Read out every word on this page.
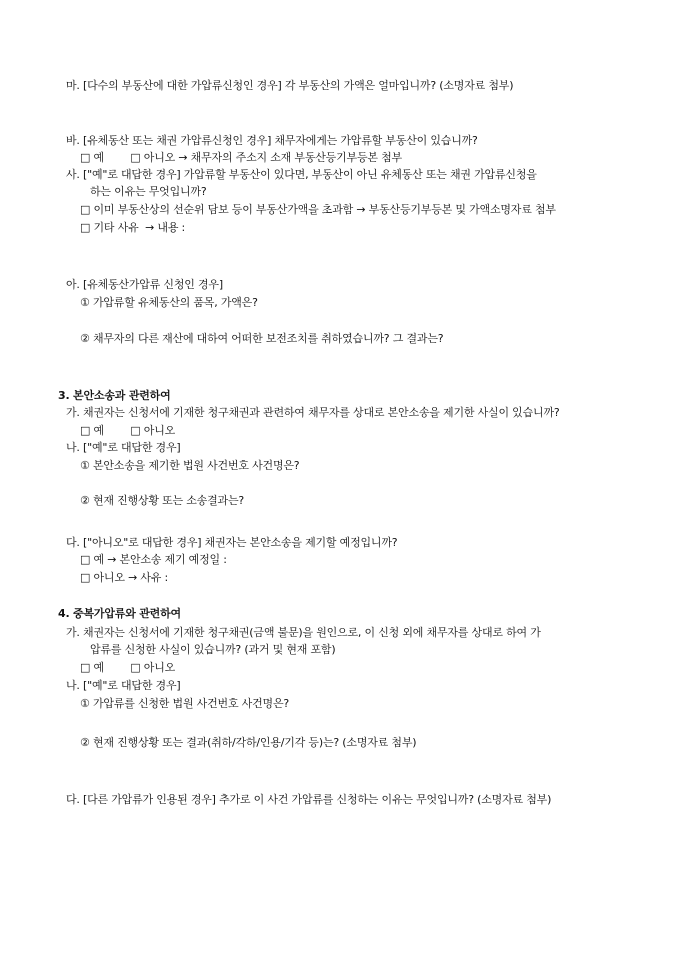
마. [다수의 부동산에 대한 가압류신청인 경우] 각 부동산의 가액은 얼마입니까? (소명자료 첨부)
바. [유체동산 또는 채권 가압류신청인 경우] 채무자에게는 가압류할 부동산이 있습니까?
□ 예        □ 아니오 → 채무자의 주소지 소재 부동산등기부등본 첨부
사. ["예"로 대답한 경우] 가압류할 부동산이 있다면, 부동산이 아닌 유체동산 또는 채권 가압류신청을
하는 이유는 무엇입니까?
□ 이미 부동산상의 선순위 담보 등이 부동산가액을 초과함 → 부동산등기부등본 및 가액소명자료 첨부
□ 기타 사유  → 내용 :
아. [유체동산가압류 신청인 경우]
① 가압류할 유체동산의 품목, 가액은?
② 채무자의 다른 재산에 대하여 어떠한 보전조치를 취하였습니까? 그 결과는?
3. 본안소송과 관련하여
가. 채권자는 신청서에 기재한 청구채권과 관련하여 채무자를 상대로 본안소송을 제기한 사실이 있습니까?
□ 예        □ 아니오
나. ["예"로 대답한 경우]
① 본안소송을 제기한 법원 사건번호 사건명은?
② 현재 진행상황 또는 소송결과는?
다. ["아니오"로 대답한 경우] 채권자는 본안소송을 제기할 예정입니까?
□ 예 → 본안소송 제기 예정일 :
□ 아니오 → 사유 :
4. 중복가압류와 관련하여
가. 채권자는 신청서에 기재한 청구채권(금액 불문)을 원인으로, 이 신청 외에 채무자를 상대로 하여 가
압류를 신청한 사실이 있습니까? (과거 및 현재 포함)
□ 예        □ 아니오
나. ["예"로 대답한 경우]
① 가압류를 신청한 법원 사건번호 사건명은?
② 현재 진행상황 또는 결과(취하/각하/인용/기각 등)는? (소명자료 첨부)
다. [다른 가압류가 인용된 경우] 추가로 이 사건 가압류를 신청하는 이유는 무엇입니까? (소명자료 첨부)
